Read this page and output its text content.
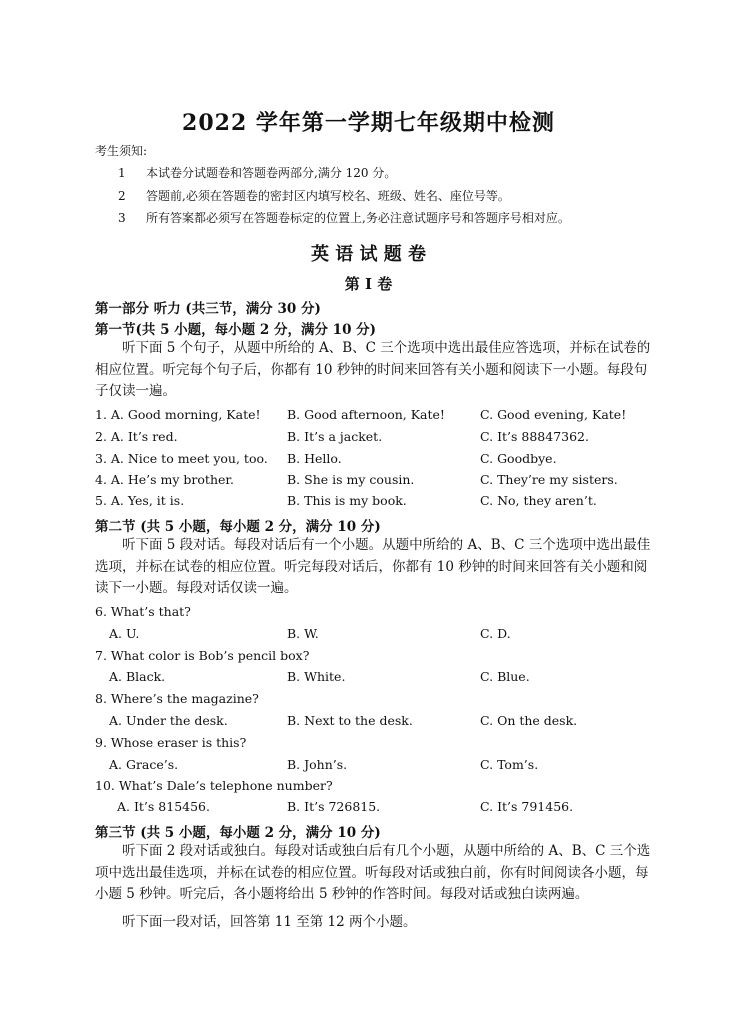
2022 学年第一学期七年级期中检测
考生须知:
1 本试卷分试题卷和答题卷两部分,满分 120 分。
2 答题前,必须在答题卷的密封区内填写校名、班级、姓名、座位号等。
3 所有答案都必须写在答题卷标定的位置上,务必注意试题序号和答题序号相对应。
英 语 试 题 卷
第 I 卷
第一部分 听力 (共三节，满分 30 分)
第一节(共 5 小题，每小题 2 分，满分 10 分)
听下面 5 个句子，从题中所给的 A、B、C 三个选项中选出最佳应答选项，并标在试卷的相应位置。听完每个句子后，你都有 10 秒钟的时间来回答有关小题和阅读下一小题。每段句子仅读一遍。
1. A. Good morning, Kate! B. Good afternoon, Kate!	C. Good evening, Kate!
2. A. It’s red.	B. It’s a jacket.	C. It’s 88847362.
3. A. Nice to meet you, too. B. Hello.	C. Goodbye.
4. A. He’s my brother.	B. She is my cousin.	C. They’re my sisters.
5. A. Yes, it is.	B. This is my book.	C. No, they aren’t.
第二节 (共 5 小题，每小题 2 分，满分 10 分)
听下面 5 段对话。每段对话后有一个小题。从题中所给的 A、B、C 三个选项中选出最佳选项，并标在试卷的相应位置。听完每段对话后，你都有 10 秒钟的时间来回答有关小题和阅读下一小题。每段对话仅读一遍。
6. What’s that?
A. U.	B. W.	C. D.
7. What color is Bob’s pencil box?
A. Black.	B. White.	C. Blue.
8. Where’s the magazine?
A. Under the desk.	B. Next to the desk.	C. On the desk.
9. Whose eraser is this?
A. Grace’s.	B. John’s.	C. Tom’s.
10. What’s Dale’s telephone number?
A. It’s 815456.	B. It’s 726815.	C. It’s 791456.
第三节 (共 5 小题，每小题 2 分，满分 10 分)
听下面 2 段对话或独白。每段对话或独白后有几个小题，从题中所给的 A、B、C 三个选项中选出最佳选项，并标在试卷的相应位置。听每段对话或独白前，你有时间阅读各小题，每小题 5 秒钟。听完后，各小题将给出 5 秒钟的作答时间。每段对话或独白读两遍。
听下面一段对话，回答第 11 至第 12 两个小题。
